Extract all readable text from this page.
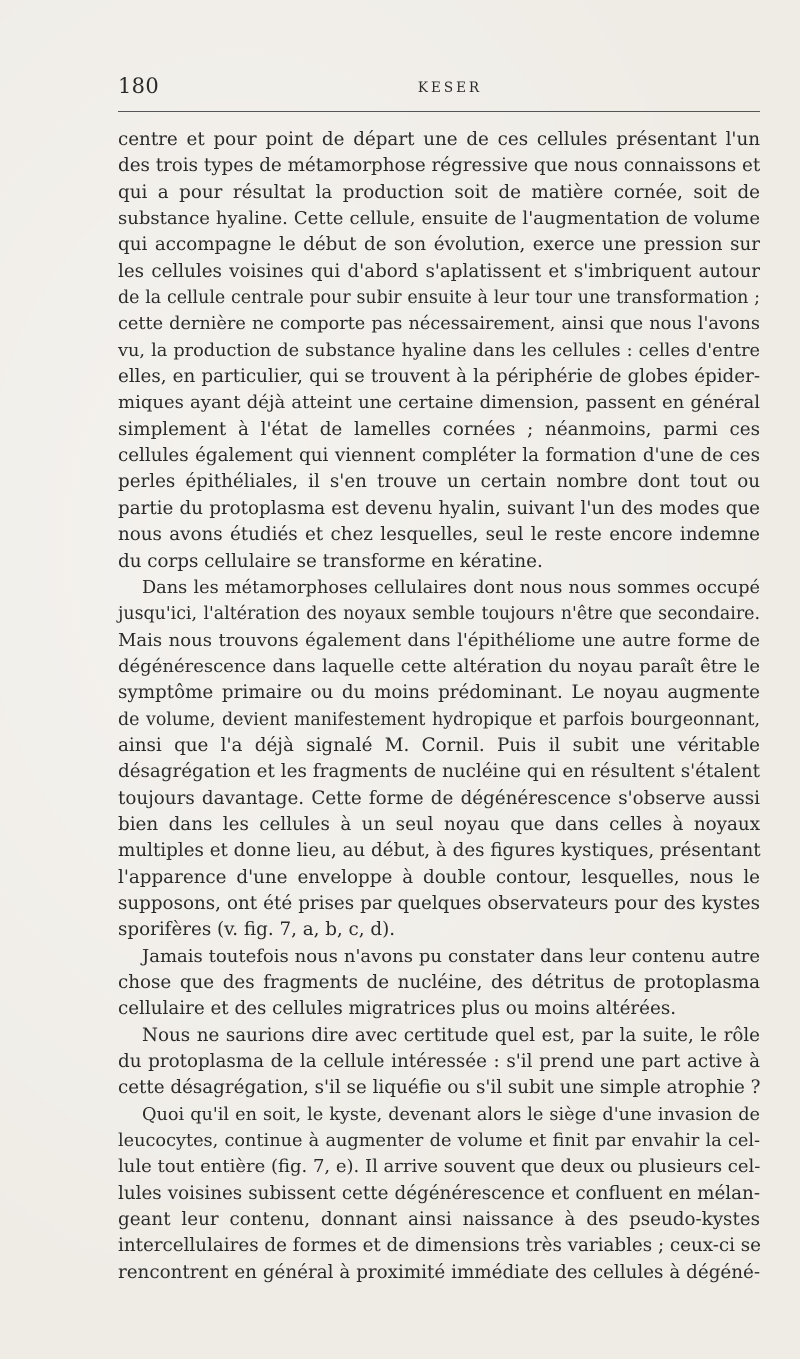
180	KESER
centre et pour point de départ une de ces cellules présentant l'un
des trois types de métamorphose régressive que nous connaissons et
qui a pour résultat la production soit de matière cornée, soit de
substance hyaline. Cette cellule, ensuite de l'augmentation de volume
qui accompagne le début de son évolution, exerce une pression sur
les cellules voisines qui d'abord s'aplatissent et s'imbriquent autour
de la cellule centrale pour subir ensuite à leur tour une transformation ;
cette dernière ne comporte pas nécessairement, ainsi que nous l'avons
vu, la production de substance hyaline dans les cellules : celles d'entre
elles, en particulier, qui se trouvent à la périphérie de globes épider-
miques ayant déjà atteint une certaine dimension, passent en général
simplement à l'état de lamelles cornées ; néanmoins, parmi ces
cellules également qui viennent compléter la formation d'une de ces
perles épithéliales, il s'en trouve un certain nombre dont tout ou
partie du protoplasma est devenu hyalin, suivant l'un des modes que
nous avons étudiés et chez lesquelles, seul le reste encore indemne
du corps cellulaire se transforme en kératine.
Dans les métamorphoses cellulaires dont nous nous sommes occupé
jusqu'ici, l'altération des noyaux semble toujours n'être que secondaire.
Mais nous trouvons également dans l'épithéliome une autre forme de
dégénérescence dans laquelle cette altération du noyau paraît être le
symptôme primaire ou du moins prédominant. Le noyau augmente
de volume, devient manifestement hydropique et parfois bourgeonnant,
ainsi que l'a déjà signalé M. Cornil. Puis il subit une véritable
désagrégation et les fragments de nucléine qui en résultent s'étalent
toujours davantage. Cette forme de dégénérescence s'observe aussi
bien dans les cellules à un seul noyau que dans celles à noyaux
multiples et donne lieu, au début, à des figures kystiques, présentant
l'apparence d'une enveloppe à double contour, lesquelles, nous le
supposons, ont été prises par quelques observateurs pour des kystes
sporifères (v. fig. 7, a, b, c, d).
Jamais toutefois nous n'avons pu constater dans leur contenu autre
chose que des fragments de nucléine, des détritus de protoplasma
cellulaire et des cellules migratrices plus ou moins altérées.
Nous ne saurions dire avec certitude quel est, par la suite, le rôle
du protoplasma de la cellule intéressée : s'il prend une part active à
cette désagrégation, s'il se liquéfie ou s'il subit une simple atrophie ?
Quoi qu'il en soit, le kyste, devenant alors le siège d'une invasion de
leucocytes, continue à augmenter de volume et finit par envahir la cel-
lule tout entière (fig. 7, e). Il arrive souvent que deux ou plusieurs cel-
lules voisines subissent cette dégénérescence et confluent en mélan-
geant leur contenu, donnant ainsi naissance à des pseudo-kystes
intercellulaires de formes et de dimensions très variables ; ceux-ci se
rencontrent en général à proximité immédiate des cellules à dégéné-
